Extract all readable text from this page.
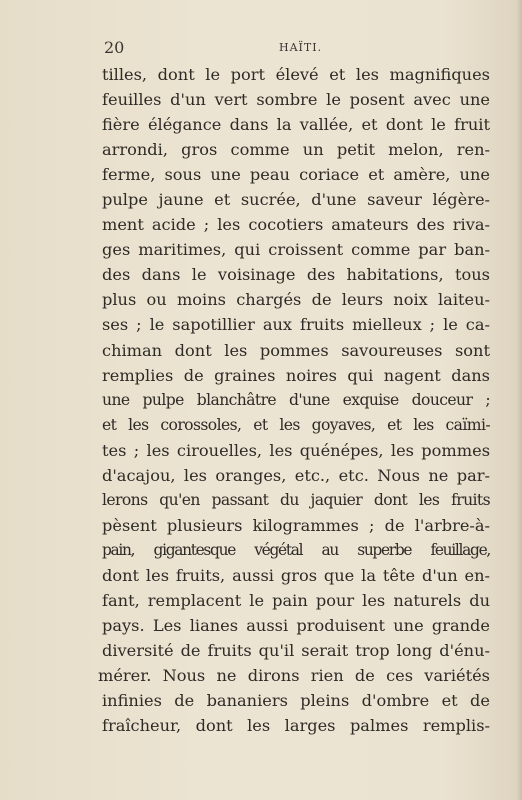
20	HAÏTI.
tilles, dont le port élevé et les magnifiques
feuilles d'un vert sombre le posent avec une
fière élégance dans la vallée, et dont le fruit
arrondi, gros comme un petit melon, ren-
ferme, sous une peau coriace et amère, une
pulpe jaune et sucrée, d'une saveur légère-
ment acide ; les cocotiers amateurs des riva-
ges maritimes, qui croissent comme par ban-
des dans le voisinage des habitations, tous
plus ou moins chargés de leurs noix laiteu-
ses ; le sapotillier aux fruits mielleux ; le ca-
chiman dont les pommes savoureuses sont
remplies de graines noires qui nagent dans
une pulpe blanchâtre d'une exquise douceur ;
et les corossoles, et les goyaves, et les caïmi-
tes ; les cirouelles, les quénépes, les pommes
d'acajou, les oranges, etc., etc. Nous ne par-
lerons qu'en passant du jaquier dont les fruits
pèsent plusieurs kilogrammes ; de l'arbre-à-
pain, gigantesque végétal au superbe feuillage,
dont les fruits, aussi gros que la tête d'un en-
fant, remplacent le pain pour les naturels du
pays. Les lianes aussi produisent une grande
diversité de fruits qu'il serait trop long d'énu-
mérer. Nous ne dirons rien de ces variétés
infinies de bananiers pleins d'ombre et de
fraîcheur, dont les larges palmes remplis-
